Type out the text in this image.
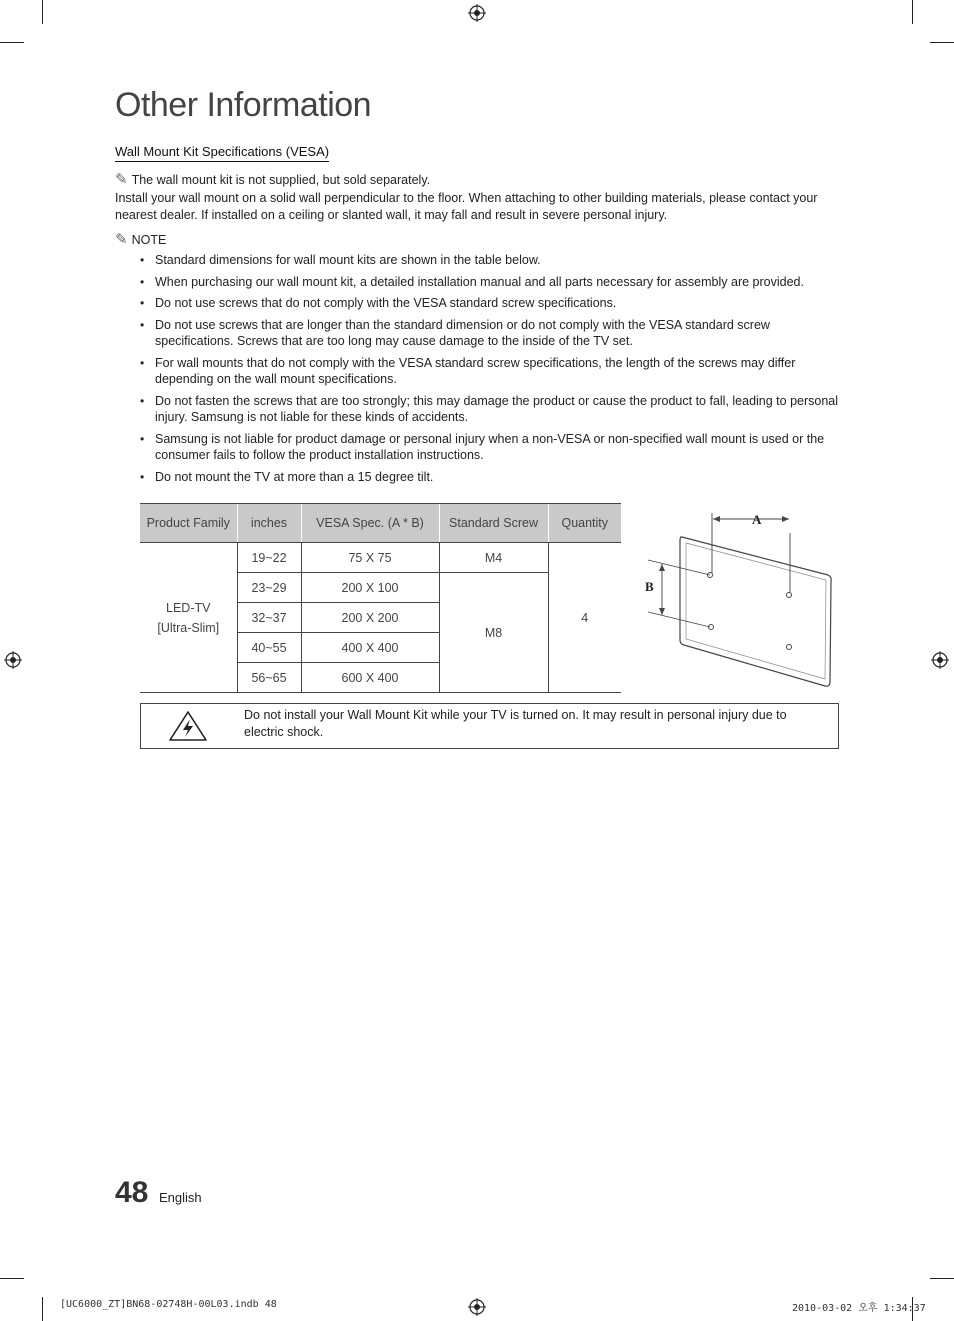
Other Information
Wall Mount Kit Specifications (VESA)
✎ The wall mount kit is not supplied, but sold separately.
Install your wall mount on a solid wall perpendicular to the floor. When attaching to other building materials, please contact your nearest dealer. If installed on a ceiling or slanted wall, it may fall and result in severe personal injury.
✎ NOTE
• Standard dimensions for wall mount kits are shown in the table below.
• When purchasing our wall mount kit, a detailed installation manual and all parts necessary for assembly are provided.
• Do not use screws that do not comply with the VESA standard screw specifications.
• Do not use screws that are longer than the standard dimension or do not comply with the VESA standard screw specifications. Screws that are too long may cause damage to the inside of the TV set.
• For wall mounts that do not comply with the VESA standard screw specifications, the length of the screws may differ depending on the wall mount specifications.
• Do not fasten the screws that are too strongly; this may damage the product or cause the product to fall, leading to personal injury. Samsung is not liable for these kinds of accidents.
• Samsung is not liable for product damage or personal injury when a non-VESA or non-specified wall mount is used or the consumer fails to follow the product installation instructions.
• Do not mount the TV at more than a 15 degree tilt.
Product Family	inches	VESA Spec. (A * B)	Standard Screw	Quantity
LED-TV
[Ultra-Slim]	19~22	75 X 75	M4	4
	23~29	200 X 100	M8	
	32~37	200 X 200		
	40~55	400 X 400		
	56~65	600 X 400		
A
B
Do not install your Wall Mount Kit while your TV is turned on. It may result in personal injury due to electric shock.
48 English
[UC6000_ZT]BN68-02748H-00L03.indb 48	2010-03-02 오후 1:34:37
